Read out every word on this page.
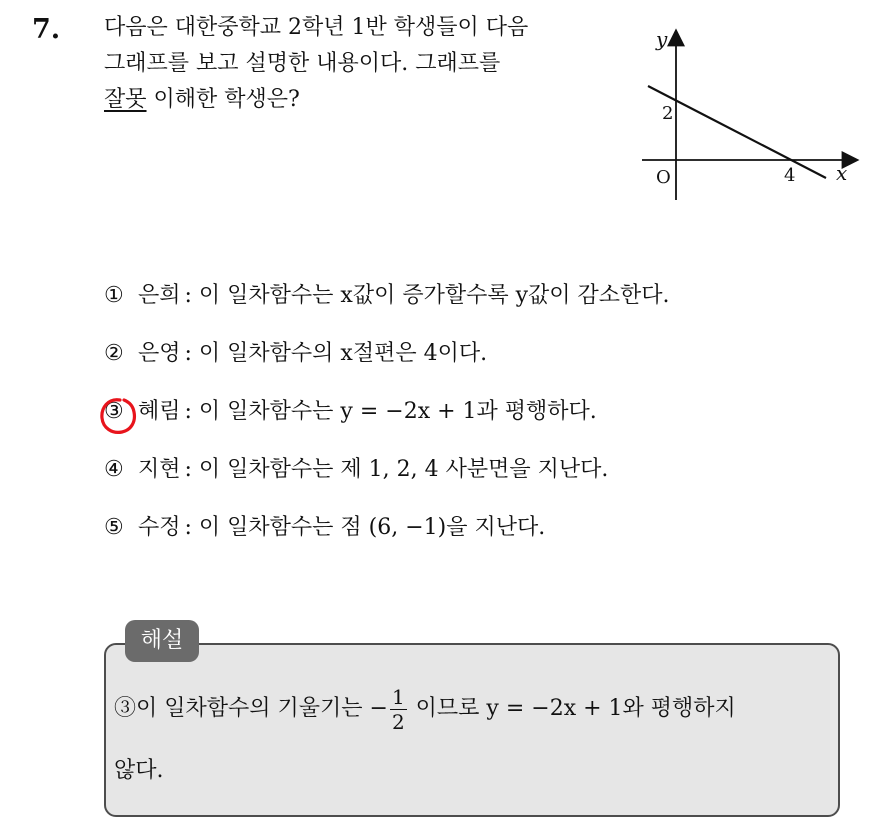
7. 다음은 대한중학교 2학년 1반 학생들이 다음
그래프를 보고 설명한 내용이다. 그래프를
잘못 이해한 학생은?
y
x
O
2
4
① 은희 : 이 일차함수는 x값이 증가할수록 y값이 감소한다.
② 은영 : 이 일차함수의 x절편은 4이다.
③ 혜림 : 이 일차함수는 y = −2x + 1과 평행하다.
④ 지현 : 이 일차함수는 제 1, 2, 4 사분면을 지난다.
⑤ 수정 : 이 일차함수는 점 (6, −1)을 지난다.
해설
③이 일차함수의 기울기는 − $\frac{1}{2}$ 이므로 y = −2x + 1와 평행하지
않다.
